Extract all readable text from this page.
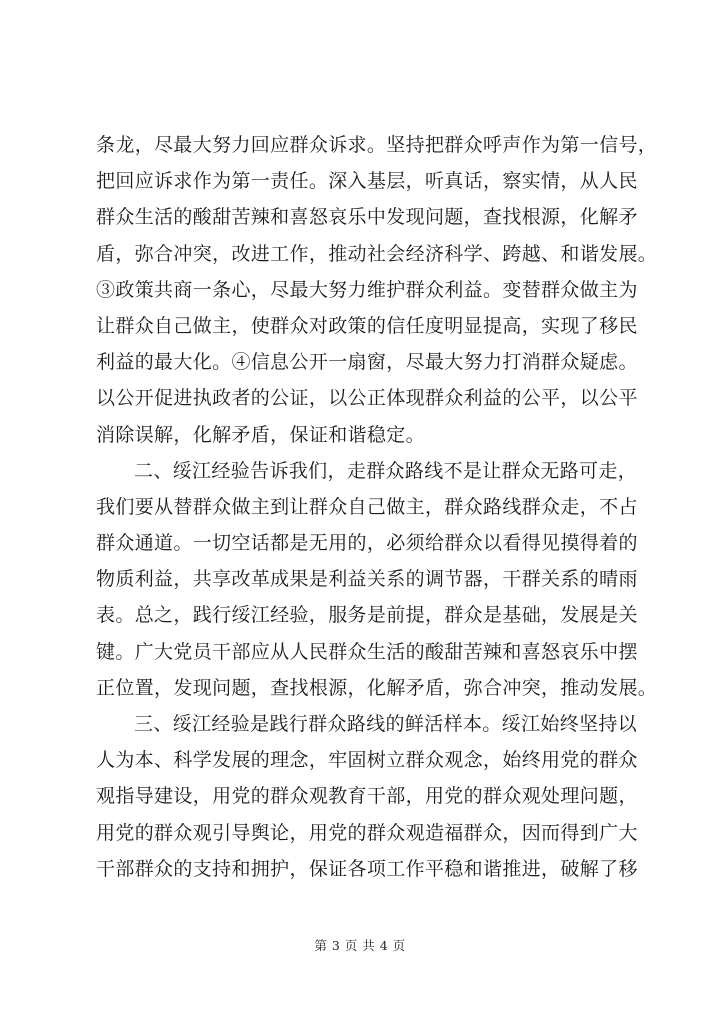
条龙，尽最大努力回应群众诉求。坚持把群众呼声作为第一信号，
把回应诉求作为第一责任。深入基层，听真话，察实情，从人民
群众生活的酸甜苦辣和喜怒哀乐中发现问题，查找根源，化解矛
盾，弥合冲突，改进工作，推动社会经济科学、跨越、和谐发展。
③政策共商一条心，尽最大努力维护群众利益。变替群众做主为
让群众自己做主，使群众对政策的信任度明显提高，实现了移民
利益的最大化。④信息公开一扇窗，尽最大努力打消群众疑虑。
以公开促进执政者的公证，以公正体现群众利益的公平，以公平
消除误解，化解矛盾，保证和谐稳定。
二、绥江经验告诉我们，走群众路线不是让群众无路可走，
我们要从替群众做主到让群众自己做主，群众路线群众走，不占
群众通道。一切空话都是无用的，必须给群众以看得见摸得着的
物质利益，共享改革成果是利益关系的调节器，干群关系的晴雨
表。总之，践行绥江经验，服务是前提，群众是基础，发展是关
键。广大党员干部应从人民群众生活的酸甜苦辣和喜怒哀乐中摆
正位置，发现问题，查找根源，化解矛盾，弥合冲突，推动发展。
三、绥江经验是践行群众路线的鲜活样本。绥江始终坚持以
人为本、科学发展的理念，牢固树立群众观念，始终用党的群众
观指导建设，用党的群众观教育干部，用党的群众观处理问题，
用党的群众观引导舆论，用党的群众观造福群众，因而得到广大
干部群众的支持和拥护，保证各项工作平稳和谐推进，破解了移
第 3 页 共 4 页
